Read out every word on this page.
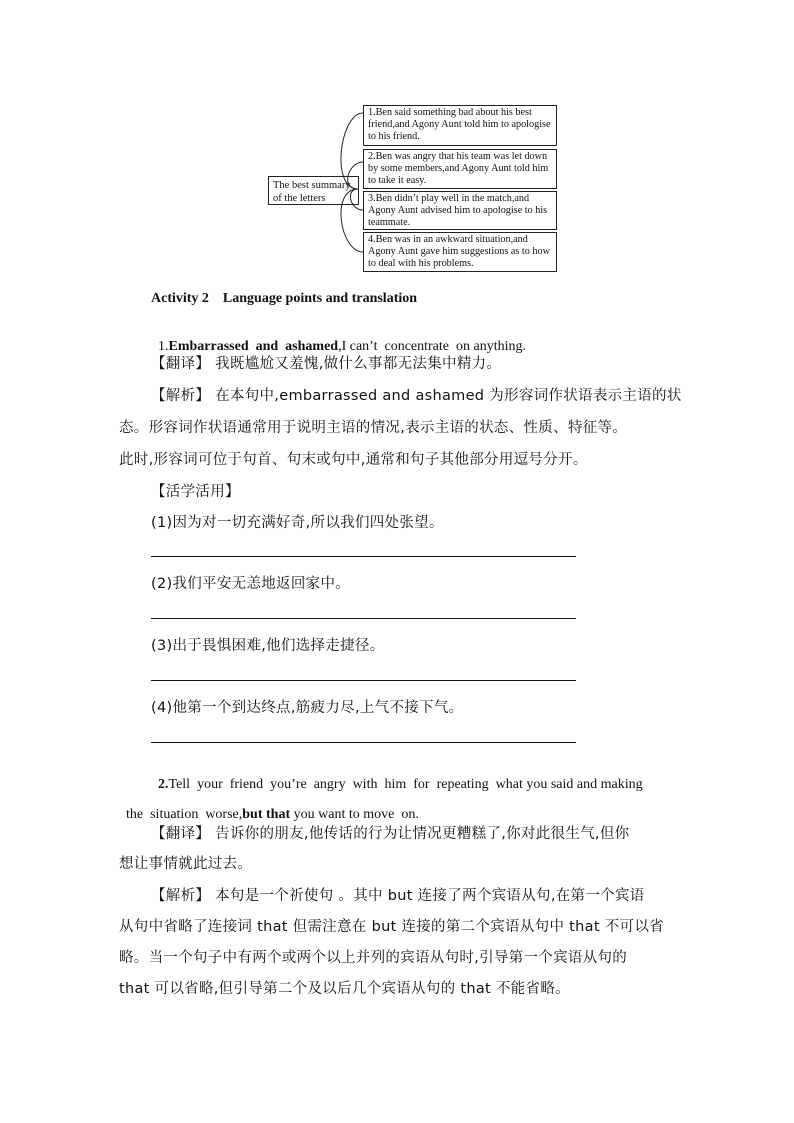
The best summary of the letters
1.Ben said something bad about his best friend,and Agony Aunt told him to apologise to his friend.
2.Ben was angry that his team was let down by some members,and Agony Aunt told him to take it easy.
3.Ben didn’t play well in the match,and Agony Aunt advised him to apologise to his teammate.
4.Ben was in an awkward situation,and Agony Aunt gave him suggestions as to how to deal with his problems.
Activity 2    Language points and translation

1.Embarrassed  and  ashamed,I can’t  concentrate  on anything.

【翻译】 我既尴尬又羞愧,做什么事都无法集中精力。
【解析】 在本句中,embarrassed and ashamed 为形容词作状语表示主语的状
态。形容词作状语通常用于说明主语的情况,表示主语的状态、性质、特征等。
此时,形容词可位于句首、句末或句中,通常和句子其他部分用逗号分开。
【活学活用】
(1)因为对一切充满好奇,所以我们四处张望。
(2)我们平安无恙地返回家中。
(3)出于畏惧困难,他们选择走捷径。
(4)他第一个到达终点,筋疲力尽,上气不接下气。

2.Tell  your  friend  you’re  angry  with  him  for  repeating  what you said and making

the  situation  worse,but that you want to move  on.

【翻译】 告诉你的朋友,他传话的行为让情况更糟糕了,你对此很生气,但你
想让事情就此过去。
【解析】 本句是一个祈使句 。其中 but 连接了两个宾语从句,在第一个宾语
从句中省略了连接词 that 但需注意在 but 连接的第二个宾语从句中 that 不可以省
略。当一个句子中有两个或两个以上并列的宾语从句时,引导第一个宾语从句的
that 可以省略,但引导第二个及以后几个宾语从句的 that 不能省略。
